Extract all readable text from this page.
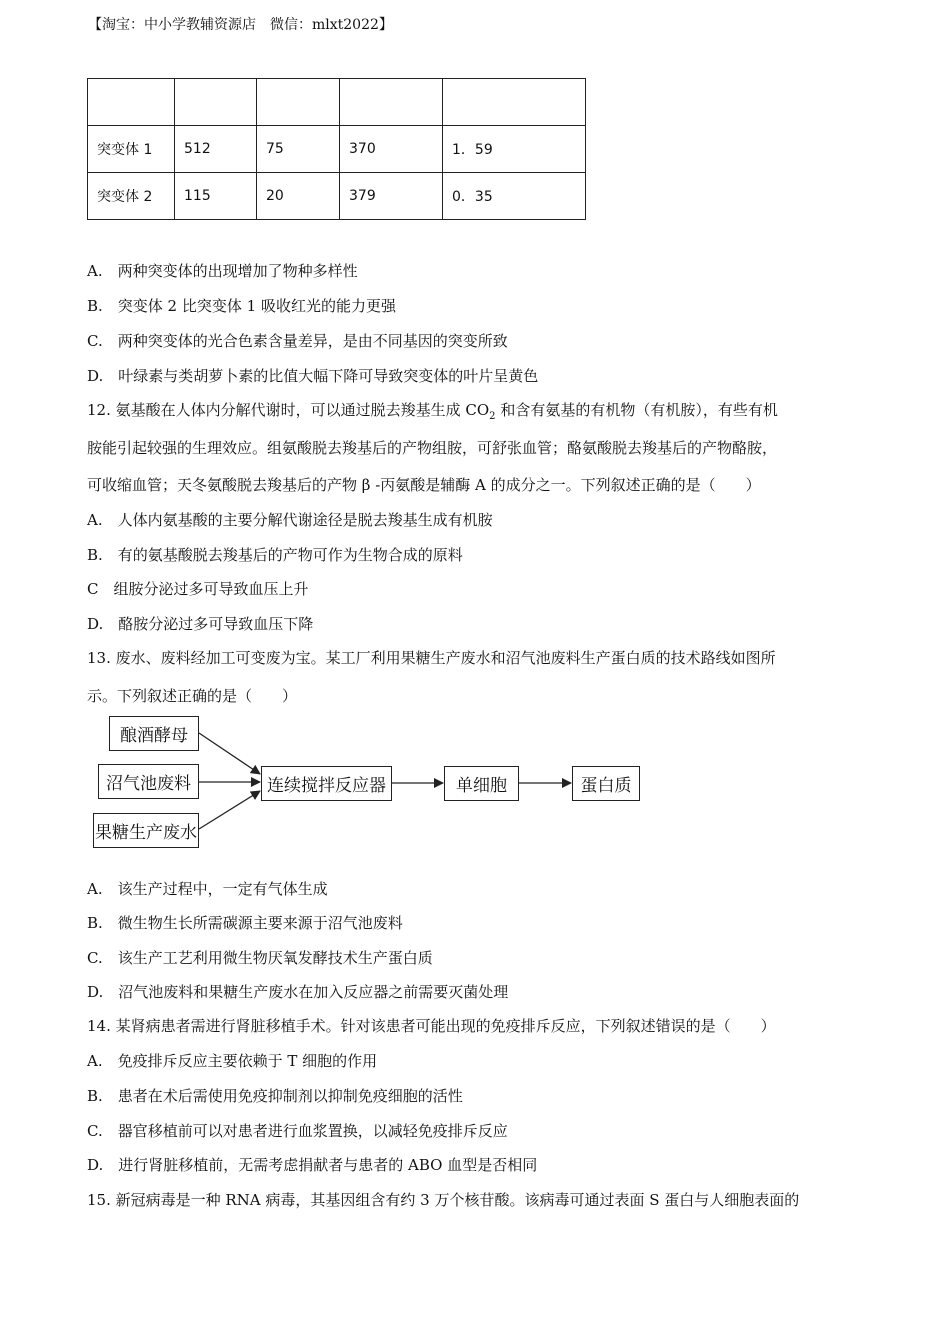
【淘宝：中小学教辅资源店　微信：mlxt2022】

突变体 1	512	75	370	1．59
突变体 2	115	20	379	0．35
A.　两种突变体的出现增加了物种多样性
B.　突变体 2 比突变体 1 吸收红光的能力更强
C.　两种突变体的光合色素含量差异，是由不同基因的突变所致
D.　叶绿素与类胡萝卜素的比值大幅下降可导致突变体的叶片呈黄色
12. 氨基酸在人体内分解代谢时，可以通过脱去羧基生成 $CO_2$ 和含有氨基的有机物（有机胺），有些有机
胺能引起较强的生理效应。组氨酸脱去羧基后的产物组胺，可舒张血管；酪氨酸脱去羧基后的产物酪胺，
可收缩血管；天冬氨酸脱去羧基后的产物 β -丙氨酸是辅酶 A 的成分之一。下列叙述正确的是（　　）
A.　人体内氨基酸的主要分解代谢途径是脱去羧基生成有机胺
B.　有的氨基酸脱去羧基后的产物可作为生物合成的原料
C　组胺分泌过多可导致血压上升
D.　酪胺分泌过多可导致血压下降
13. 废水、废料经加工可变废为宝。某工厂利用果糖生产废水和沼气池废料生产蛋白质的技术路线如图所
示。下列叙述正确的是（　　）
酿酒酵母
沼气池废料
果糖生产废水
连续搅拌反应器	单细胞	蛋白质
A.　该生产过程中，一定有气体生成
B.　微生物生长所需碳源主要来源于沼气池废料
C.　该生产工艺利用微生物厌氧发酵技术生产蛋白质
D.　沼气池废料和果糖生产废水在加入反应器之前需要灭菌处理
14. 某肾病患者需进行肾脏移植手术。针对该患者可能出现的免疫排斥反应，下列叙述错误的是（　　）
A.　免疫排斥反应主要依赖于 T 细胞的作用
B.　患者在术后需使用免疫抑制剂以抑制免疫细胞的活性
C.　器官移植前可以对患者进行血浆置换，以减轻免疫排斥反应
D.　进行肾脏移植前，无需考虑捐献者与患者的 ABO 血型是否相同
15. 新冠病毒是一种 RNA 病毒，其基因组含有约 3 万个核苷酸。该病毒可通过表面 S 蛋白与人细胞表面的
